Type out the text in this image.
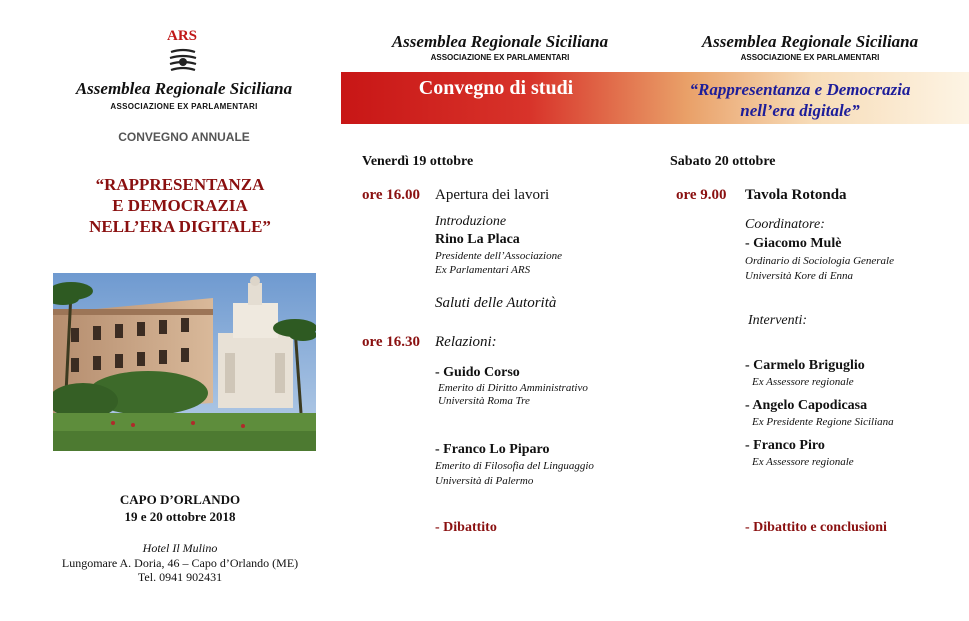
ARS
Assemblea Regionale Siciliana
ASSOCIAZIONE EX PARLAMENTARI
CONVEGNO ANNUALE
“RAPPRESENTANZA
E DEMOCRAZIA
NELL’ERA DIGITALE”
CAPO D’ORLANDO
19 e 20 ottobre 2018
Hotel Il Mulino
Lungomare A. Doria, 46 – Capo d’Orlando (ME)
Tel. 0941 902431
Assemblea Regionale Siciliana
ASSOCIAZIONE EX PARLAMENTARI
Assemblea Regionale Siciliana
ASSOCIAZIONE EX PARLAMENTARI
Convegno di studi	“Rappresentanza e Democrazia
nell’era digitale”
Venerdì 19 ottobre
ore 16.00 Apertura dei lavori
Introduzione
Rino La Placa
Presidente dell’Associazione
Ex Parlamentari ARS
Saluti delle Autorità
ore 16.30 Relazioni:
- Guido Corso
Emerito di Diritto Amministrativo
Università Roma Tre
- Franco Lo Piparo
Emerito di Filosofia del Linguaggio
Università di Palermo
- Dibattito
Sabato 20 ottobre
ore 9.00 Tavola Rotonda
Coordinatore:
- Giacomo Mulè
Ordinario di Sociologia Generale
Università Kore di Enna
Interventi:
- Carmelo Briguglio
Ex Assessore regionale
- Angelo Capodicasa
Ex Presidente Regione Siciliana
- Franco Piro
Ex Assessore regionale
- Dibattito e conclusioni
